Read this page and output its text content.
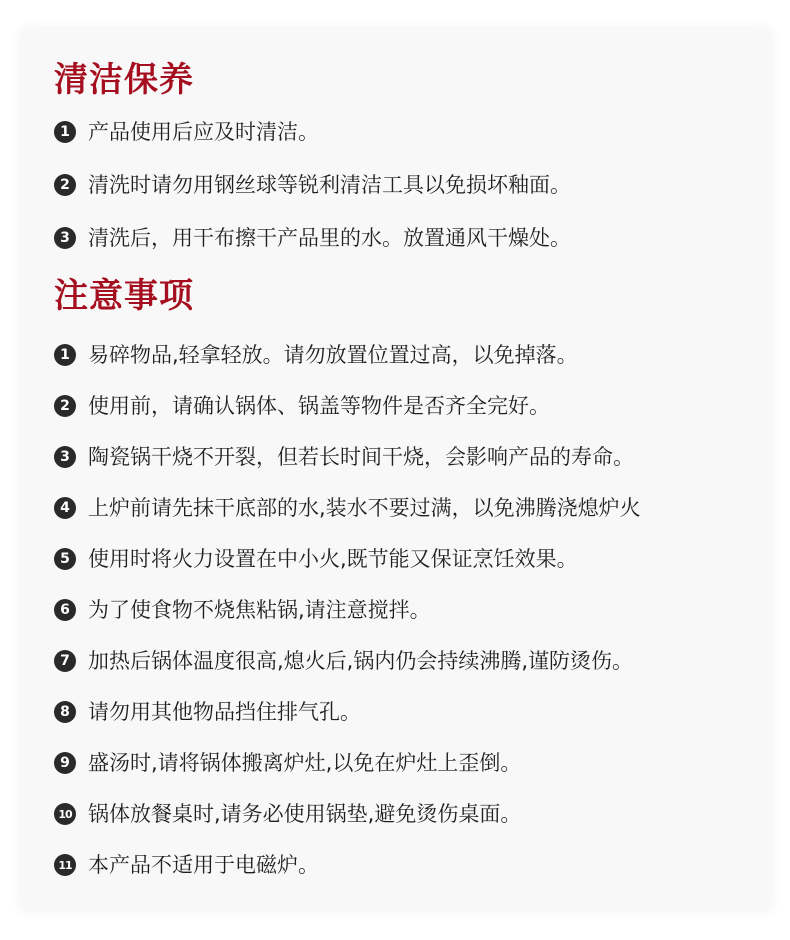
清洁保养
1 产品使用后应及时清洁。
2 清洗时请勿用钢丝球等锐利清洁工具以免损坏釉面。
3 清洗后，用干布擦干产品里的水。放置通风干燥处。
注意事项
1 易碎物品,轻拿轻放。请勿放置位置过高，以免掉落。
2 使用前，请确认锅体、锅盖等物件是否齐全完好。
3 陶瓷锅干烧不开裂，但若长时间干烧，会影响产品的寿命。
4 上炉前请先抹干底部的水,装水不要过满，以免沸腾浇熄炉火
5 使用时将火力设置在中小火,既节能又保证烹饪效果。
6 为了使食物不烧焦粘锅,请注意搅拌。
7 加热后锅体温度很高,熄火后,锅内仍会持续沸腾,谨防烫伤。
8 请勿用其他物品挡住排气孔。
9 盛汤时,请将锅体搬离炉灶,以免在炉灶上歪倒。
10 锅体放餐桌时,请务必使用锅垫,避免烫伤桌面。
11 本产品不适用于电磁炉。
